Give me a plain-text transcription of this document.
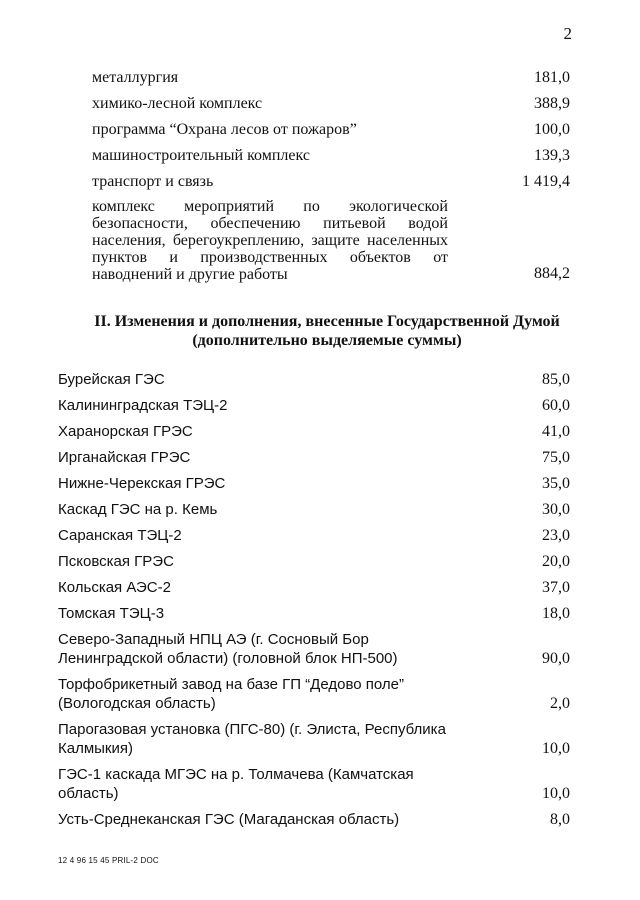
2
металлургия	181,0
химико-лесной комплекс	388,9
программа “Охрана лесов от пожаров”	100,0
машиностроительный комплекс	139,3
транспорт и связь	1 419,4
комплекс мероприятий по экологической безопасности, обеспечению питьевой водой населения, берегоукреплению, защите населенных пунктов и производственных объектов от наводнений и другие работы	884,2
II. Изменения и дополнения, внесенные Государственной Думой (дополнительно выделяемые суммы)
Бурейская ГЭС	85,0
Калининградская ТЭЦ-2	60,0
Харанорская ГРЭС	41,0
Ирганайская ГРЭС	75,0
Нижне-Черекская ГРЭС	35,0
Каскад ГЭС на р. Кемь	30,0
Саранская ТЭЦ-2	23,0
Псковская ГРЭС	20,0
Кольская АЭС-2	37,0
Томская ТЭЦ-3	18,0
Северо-Западный НПЦ АЭ (г. Сосновый Бор Ленинградской области) (головной блок НП-500)	90,0
Торфобрикетный завод на базе ГП “Дедово поле” (Вологодская область)	2,0
Парогазовая установка (ПГС-80) (г. Элиста, Республика Калмыкия)	10,0
ГЭС-1 каскада МГЭС на р. Толмачева (Камчатская область)	10,0
Усть-Среднеканская ГЭС (Магаданская область)	8,0
12 4 96 15 45 PRIL-2 DOC
